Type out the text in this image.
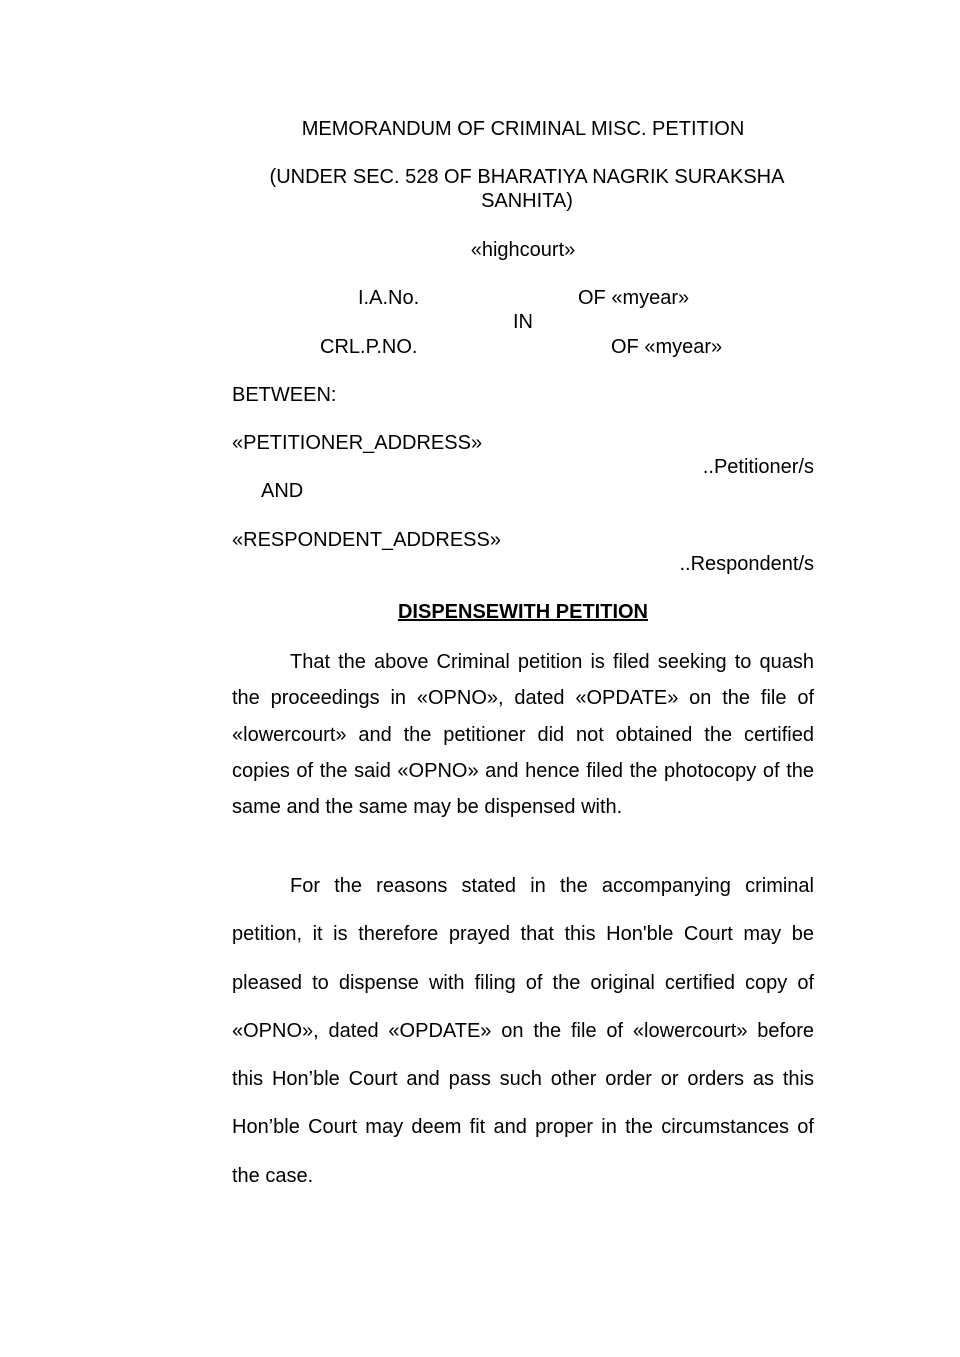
MEMORANDUM OF CRIMINAL MISC. PETITION
(UNDER SEC. 528 OF BHARATIYA NAGRIK SURAKSHA SANHITA)
«highcourt»
I.A.No.	OF «myear»
IN
CRL.P.NO.	OF «myear»
BETWEEN:
«PETITIONER_ADDRESS»
..Petitioner/s
AND
«RESPONDENT_ADDRESS»
..Respondent/s
DISPENSEWITH PETITION
That the above Criminal petition is filed seeking to quash the proceedings in «OPNO», dated «OPDATE» on the file of «lowercourt» and the petitioner did not obtained the certified copies of the said «OPNO» and hence filed the photocopy of the same and the same may be dispensed with.
For the reasons stated in the accompanying criminal petition, it is therefore prayed that this Hon'ble Court may be pleased to dispense with filing of the original certified copy of «OPNO», dated «OPDATE» on the file of «lowercourt» before this Hon’ble Court and pass such other order or orders as this Hon’ble Court may deem fit and proper in the circumstances of the case.
